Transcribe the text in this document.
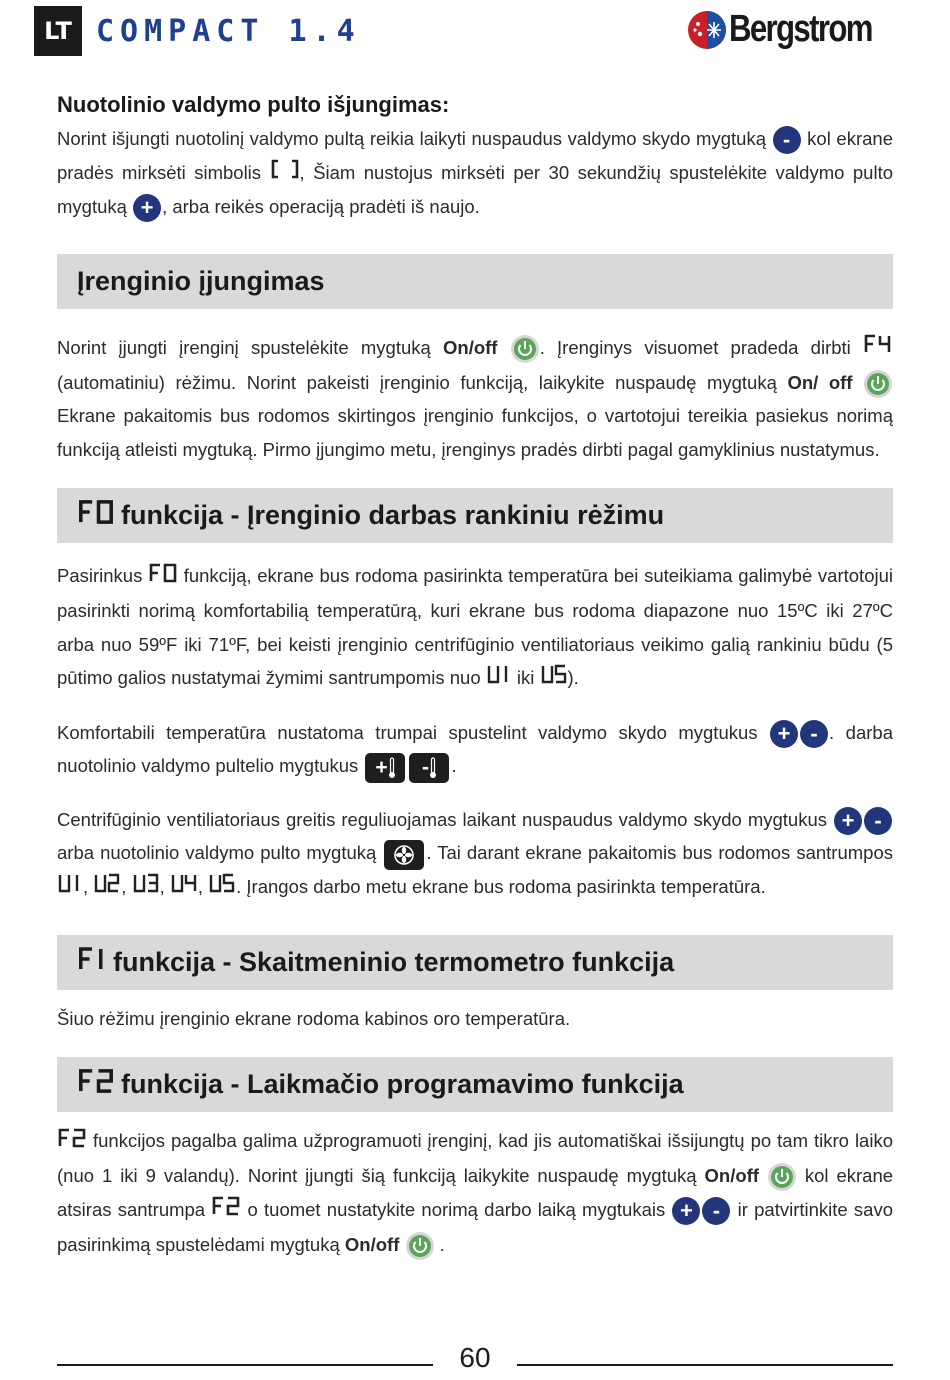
LT COMPACT 1.4	Bergstrom
Nuotolinio valdymo pulto išjungimas:

Norint išjungti nuotolinį valdymo pultą reikia laikyti nuspaudus valdymo skydo mygtuką - kol ekrane pradės mirksėti simbolis , Šiam nustojus mirksėti per 30 sekundžių spustelėkite valdymo pulto mygtuką + , arba reikės operaciją pradėti iš naujo.

Įrenginio įjungimas

Norint įjungti įrenginį spustelėkite mygtuką On/off . Įrenginys visuomet pradeda dirbti  (automatiniu) rėžimu. Norint pakeisti įrenginio funkciją, laikykite nuspaudę mygtuką On/ off  Ekrane pakaitomis bus rodomos skirtingos įrenginio funkcijos, o vartotojui tereikia pasiekus norimą funkciją atleisti mygtuką. Pirmo įjungimo metu, įrenginys pradės dirbti pagal gamyklinius nustatymus.

funkcija - Įrenginio darbas rankiniu rėžimu

Pasirinkus  funkciją, ekrane bus rodoma pasirinkta temperatūra bei suteikiama galimybė vartotojui pasirinkti norimą komfortabilią temperatūrą, kuri ekrane bus rodoma diapazone nuo 15ºC iki 27ºC arba nuo 59ºF iki 71ºF, bei keisti įrenginio centrifūginio ventiliatoriaus veikimo galią rankiniu būdu (5 pūtimo galios nustatymai žymimi santrumpomis nuo  iki ).

Komfortabili temperatūra nustatoma trumpai spustelint valdymo skydo mygtukus + - . darba nuotolinio valdymo pultelio mygtukus + - .

Centrifūginio ventiliatoriaus greitis reguliuojamas laikant nuspaudus valdymo skydo mygtukus + - arba nuotolinio valdymo pulto mygtuką
. Tai darant ekrane pakaitomis bus rodomos santrumpos , , , , . Įrangos darbo metu ekrane bus rodoma pasirinkta temperatūra.

funkcija - Skaitmeninio termometro funkcija

Šiuo rėžimu įrenginio ekrane rodoma kabinos oro temperatūra.

funkcija - Laikmačio programavimo funkcija

funkcijos pagalba galima užprogramuoti įrenginį, kad jis automatiškai išsijungtų po tam tikro laiko (nuo 1 iki 9 valandų). Norint įjungti šią funkciją laikykite nuspaudę mygtuką On/off  kol ekrane atsiras santrumpa  o tuomet nustatykite norimą darbo laiką mygtukais + - ir patvirtinkite savo pasirinkimą spustelėdami mygtuką On/off .

60
